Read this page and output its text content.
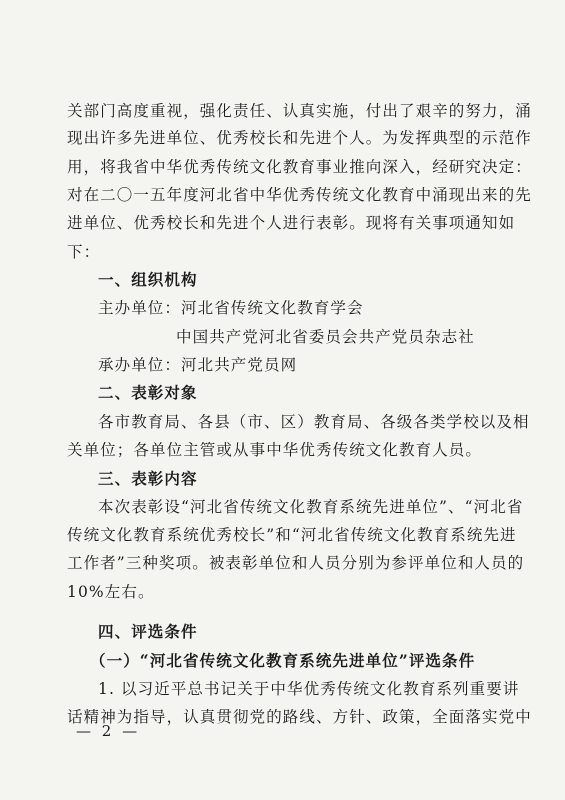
关部门高度重视，强化责任、认真实施，付出了艰辛的努力，涌
现出许多先进单位、优秀校长和先进个人。为发挥典型的示范作
用，将我省中华优秀传统文化教育事业推向深入，经研究决定：
对在二〇一五年度河北省中华优秀传统文化教育中涌现出来的先
进单位、优秀校长和先进个人进行表彰。现将有关事项通知如
下：
一、组织机构
主办单位：河北省传统文化教育学会
中国共产党河北省委员会共产党员杂志社
承办单位：河北共产党员网
二、表彰对象
各市教育局、各县（市、区）教育局、各级各类学校以及相
关单位；各单位主管或从事中华优秀传统文化教育人员。
三、表彰内容
本次表彰设“河北省传统文化教育系统先进单位”、“河北省
传统文化教育系统优秀校长”和“河北省传统文化教育系统先进
工作者”三种奖项。被表彰单位和人员分别为参评单位和人员的
10%左右。
四、评选条件
（一）“河北省传统文化教育系统先进单位”评选条件
1. 以习近平总书记关于中华优秀传统文化教育系列重要讲
话精神为指导，认真贯彻党的路线、方针、政策，全面落实党中
— 2 —
